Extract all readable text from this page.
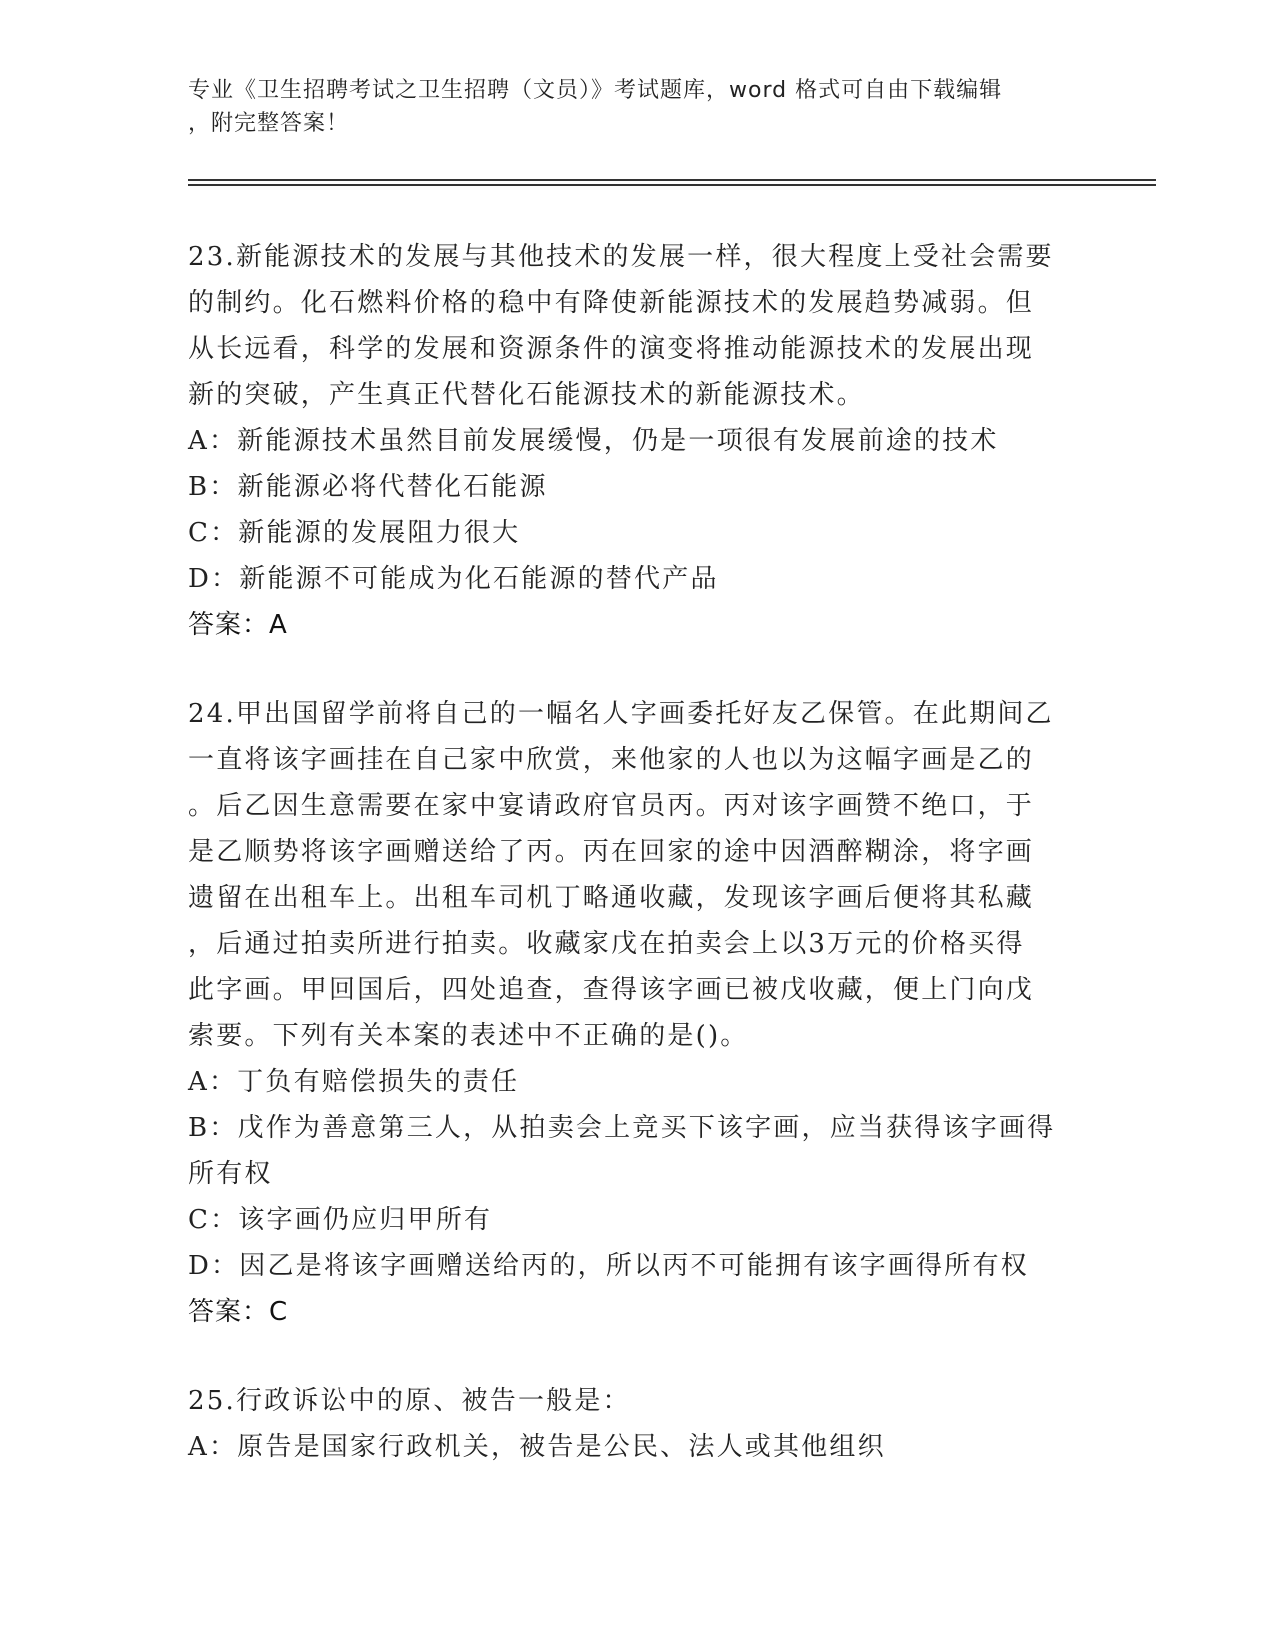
专业《卫生招聘考试之卫生招聘（文员）》考试题库，word 格式可自由下载编辑
，附完整答案！

23.新能源技术的发展与其他技术的发展一样，很大程度上受社会需要

的制约。化石燃料价格的稳中有降使新能源技术的发展趋势减弱。但

从长远看，科学的发展和资源条件的演变将推动能源技术的发展出现

新的突破，产生真正代替化石能源技术的新能源技术。

A：新能源技术虽然目前发展缓慢，仍是一项很有发展前途的技术

B：新能源必将代替化石能源

C：新能源的发展阻力很大

D：新能源不可能成为化石能源的替代产品

答案：A

24.甲出国留学前将自己的一幅名人字画委托好友乙保管。在此期间乙

一直将该字画挂在自己家中欣赏，来他家的人也以为这幅字画是乙的

。后乙因生意需要在家中宴请政府官员丙。丙对该字画赞不绝口，于

是乙顺势将该字画赠送给了丙。丙在回家的途中因酒醉糊涂，将字画

遗留在出租车上。出租车司机丁略通收藏，发现该字画后便将其私藏

，后通过拍卖所进行拍卖。收藏家戊在拍卖会上以3万元的价格买得

此字画。甲回国后，四处追查，查得该字画已被戊收藏，便上门向戊

索要。下列有关本案的表述中不正确的是()。

A：丁负有赔偿损失的责任

B：戊作为善意第三人，从拍卖会上竞买下该字画，应当获得该字画得

所有权

C：该字画仍应归甲所有

D：因乙是将该字画赠送给丙的，所以丙不可能拥有该字画得所有权

答案：C

25.行政诉讼中的原、被告一般是：

A：原告是国家行政机关，被告是公民、法人或其他组织
